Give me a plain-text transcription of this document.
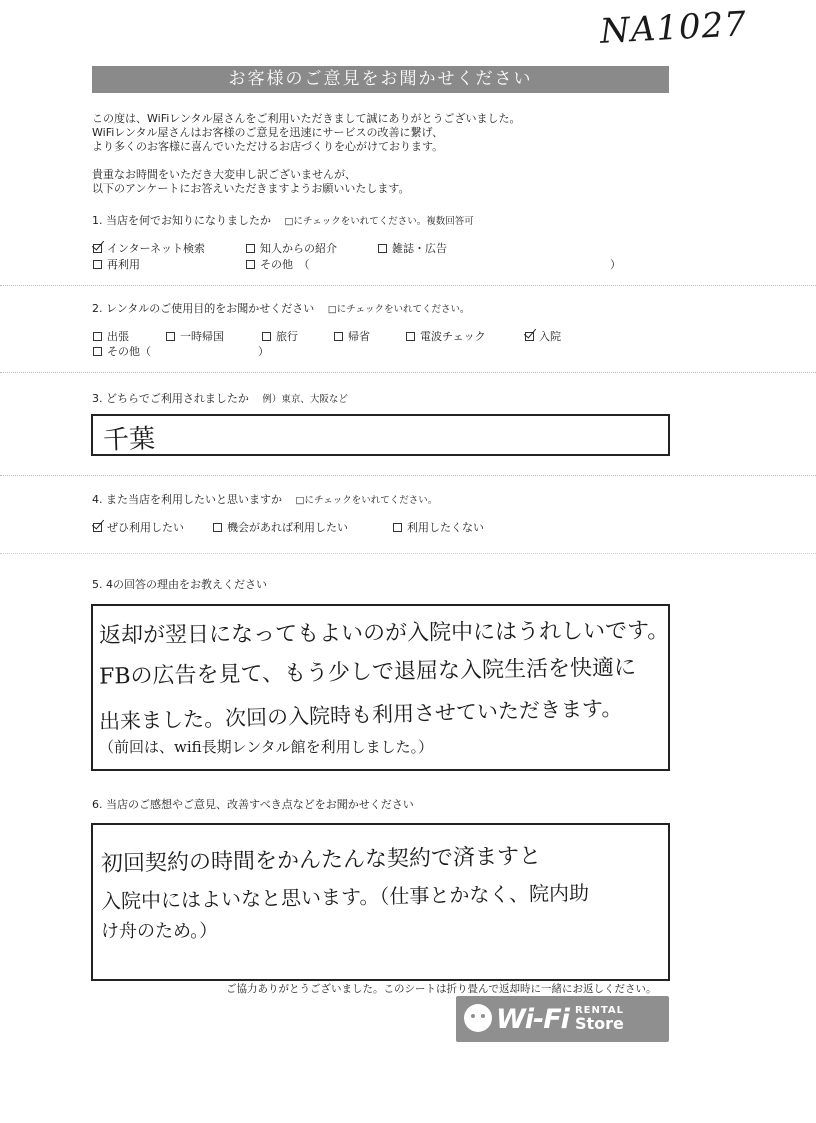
NA1027
お客様のご意見をお聞かせください
この度は、WiFiレンタル屋さんをご利用いただきまして誠にありがとうございました。
WiFiレンタル屋さんはお客様のご意見を迅速にサービスの改善に繋げ、
より多くのお客様に喜んでいただけるお店づくりを心がけております。
貴重なお時間をいただき大変申し訳ございませんが、
以下のアンケートにお答えいただきますようお願いいたします。
1. 当店を何でお知りになりましたか □にチェックをいれてください。複数回答可
インターネット検索	知人からの紹介	雑誌・広告
再利用	その他　（	）
2. レンタルのご使用目的をお聞かせください □にチェックをいれてください。
出張	一時帰国	旅行	帰省	電波チェック	入院
その他（	）
3. どちらでご利用されましたか 例）東京、大阪など
千葉
4. また当店を利用したいと思いますか □にチェックをいれてください。
ぜひ利用したい	機会があれば利用したい	利用したくない
5. 4の回答の理由をお教えください
返却が翌日になってもよいのが入院中にはうれしいです。
FBの広告を見て、もう少しで退屈な入院生活を快適に
出来ました。次回の入院時も利用させていただきます。
（前回は、wifi長期レンタル館を利用しました。）
6. 当店のご感想やご意見、改善すべき点などをお聞かせください
初回契約の時間をかんたんな契約で済ますと
入院中にはよいなと思います。（仕事とかなく、院内助
け舟のため。）
ご協力ありがとうございました。このシートは折り畳んで返却時に一緒にお返しください。
Wi-Fi RENTAL
Store
